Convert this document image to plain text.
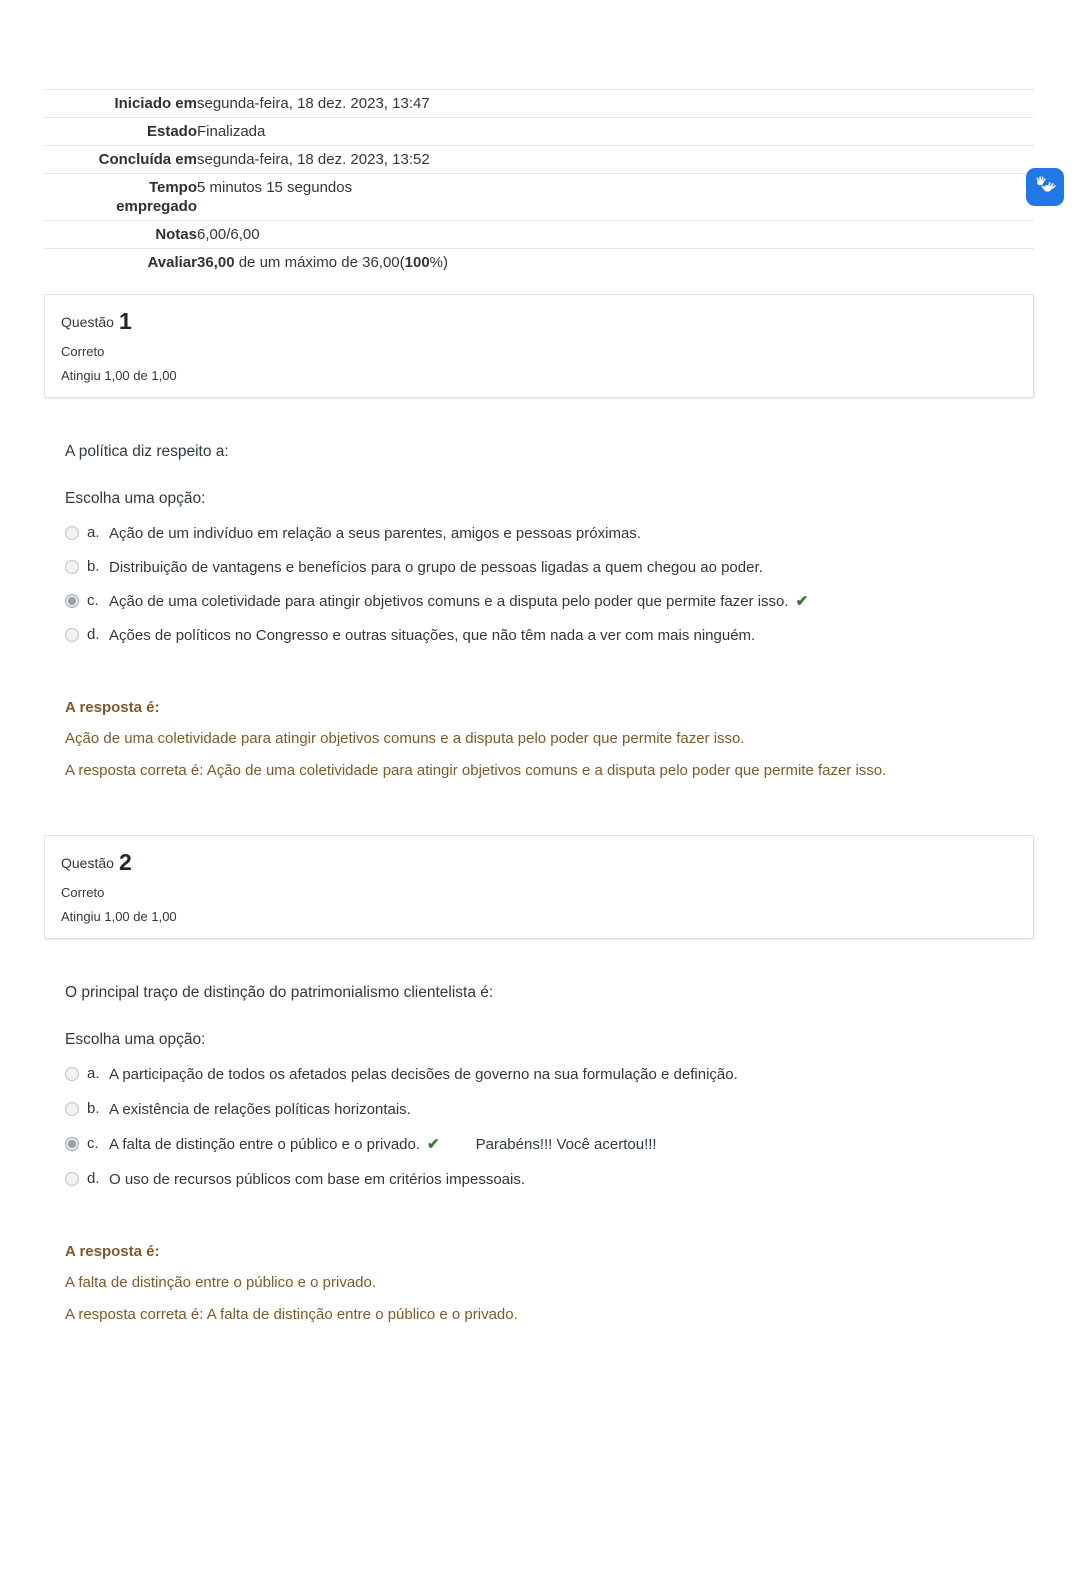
Iniciado em	segunda-feira, 18 dez. 2023, 13:47
Estado	Finalizada
Concluída em	segunda-feira, 18 dez. 2023, 13:52
Tempo empregado	5 minutos 15 segundos
Notas	6,00/6,00
Avaliar	36,00 de um máximo de 36,00(100%)
Questão 1
Correto
Atingiu 1,00 de 1,00
A política diz respeito a:
Escolha uma opção:
a. Ação de um indivíduo em relação a seus parentes, amigos e pessoas próximas.
b. Distribuição de vantagens e benefícios para o grupo de pessoas ligadas a quem chegou ao poder.
c. Ação de uma coletividade para atingir objetivos comuns e a disputa pelo poder que permite fazer isso. ✔
d. Ações de políticos no Congresso e outras situações, que não têm nada a ver com mais ninguém.
A resposta é:
Ação de uma coletividade para atingir objetivos comuns e a disputa pelo poder que permite fazer isso.
A resposta correta é: Ação de uma coletividade para atingir objetivos comuns e a disputa pelo poder que permite fazer isso.
Questão 2
Correto
Atingiu 1,00 de 1,00
O principal traço de distinção do patrimonialismo clientelista é:
Escolha uma opção:
a. A participação de todos os afetados pelas decisões de governo na sua formulação e definição.
b. A existência de relações políticas horizontais.
c. A falta de distinção entre o público e o privado. ✔ Parabéns!!! Você acertou!!!
d. O uso de recursos públicos com base em critérios impessoais.
A resposta é:
A falta de distinção entre o público e o privado.
A resposta correta é: A falta de distinção entre o público e o privado.
